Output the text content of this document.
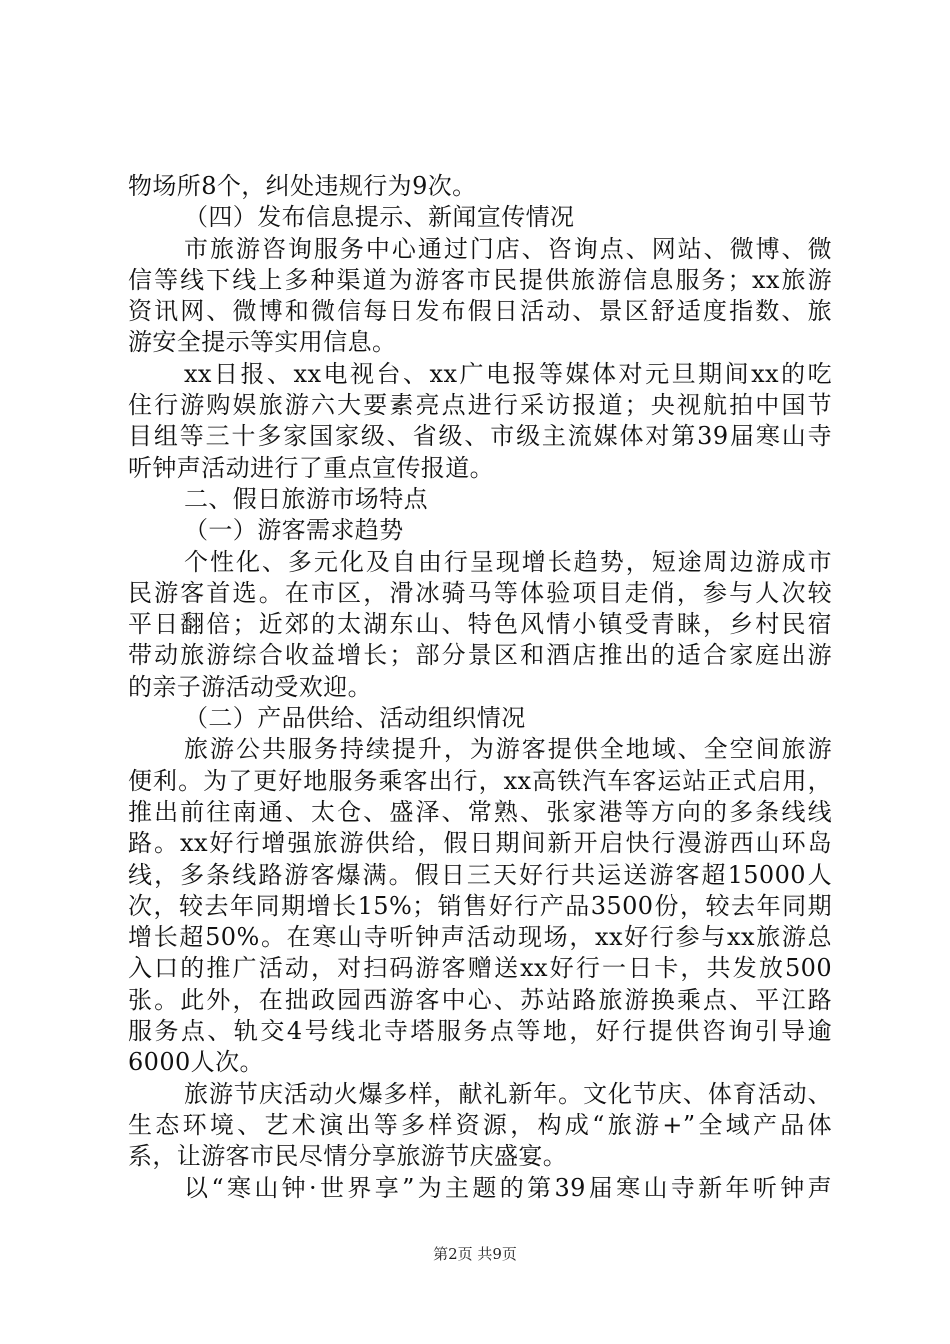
物场所8个，纠处违规行为9次。
（四）发布信息提示、新闻宣传情况
市旅游咨询服务中心通过门店、咨询点、网站、微博、微
信等线下线上多种渠道为游客市民提供旅游信息服务；xx旅游
资讯网、微博和微信每日发布假日活动、景区舒适度指数、旅
游安全提示等实用信息。
xx日报、xx电视台、xx广电报等媒体对元旦期间xx的吃
住行游购娱旅游六大要素亮点进行采访报道；央视航拍中国节
目组等三十多家国家级、省级、市级主流媒体对第39届寒山寺
听钟声活动进行了重点宣传报道。
二、假日旅游市场特点
（一）游客需求趋势
个性化、多元化及自由行呈现增长趋势，短途周边游成市
民游客首选。在市区，滑冰骑马等体验项目走俏，参与人次较
平日翻倍；近郊的太湖东山、特色风情小镇受青睐，乡村民宿
带动旅游综合收益增长；部分景区和酒店推出的适合家庭出游
的亲子游活动受欢迎。
（二）产品供给、活动组织情况
旅游公共服务持续提升，为游客提供全地域、全空间旅游
便利。为了更好地服务乘客出行，xx高铁汽车客运站正式启用，
推出前往南通、太仓、盛泽、常熟、张家港等方向的多条线线
路。xx好行增强旅游供给，假日期间新开启快行漫游西山环岛
线，多条线路游客爆满。假日三天好行共运送游客超15000人
次，较去年同期增长15%；销售好行产品3500份，较去年同期
增长超50%。在寒山寺听钟声活动现场，xx好行参与xx旅游总
入口的推广活动，对扫码游客赠送xx好行一日卡，共发放500
张。此外，在拙政园西游客中心、苏站路旅游换乘点、平江路
服务点、轨交4号线北寺塔服务点等地，好行提供咨询引导逾
6000人次。
旅游节庆活动火爆多样，献礼新年。文化节庆、体育活动、
生态环境、艺术演出等多样资源，构成“旅游+”全域产品体
系，让游客市民尽情分享旅游节庆盛宴。
以“寒山钟·世界享”为主题的第39届寒山寺新年听钟声
第2页 共9页
